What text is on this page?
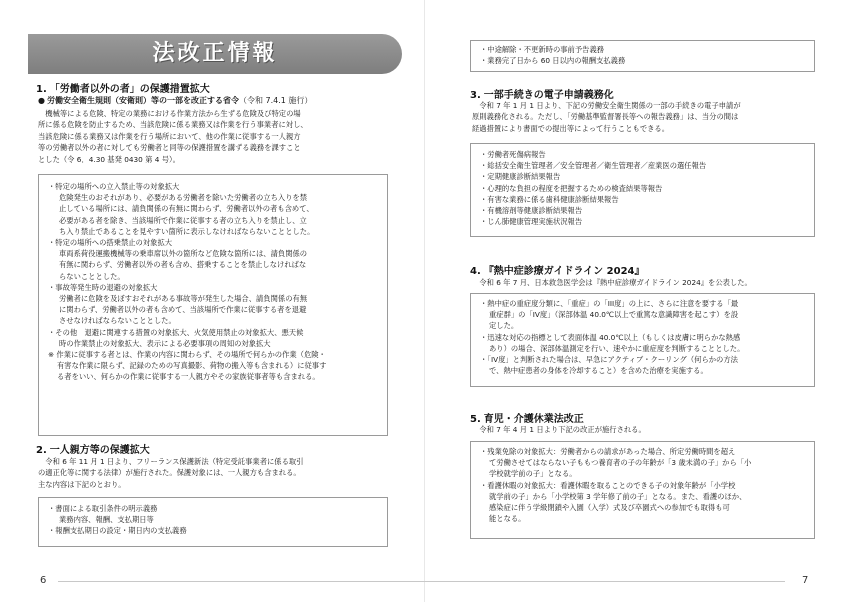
法改正情報
1. 「労働者以外の者」の保護措置拡大
● 労働安全衛生規則（安衛則）等の一部を改正する省令（令和 7.4.1 施行）
　機械等による危険、特定の業務における作業方法から生ずる危険及び特定の場
所に係る危険を防止するため、当該危険に係る業務又は作業を行う事業者に対し、
当該危険に係る業務又は作業を行う場所において、他の作業に従事する一人親方
等の労働者以外の者に対しても労働者と同等の保護措置を講ずる義務を課すこと
とした（令 6．4.30 基発 0430 第 4 号）。
・特定の場所への立入禁止等の対象拡大
危険発生のおそれがあり、必要がある労働者を除いた労働者の立ち入りを禁
止している場所には、請負関係の有無に関わらず、労働者以外の者も含めて、
必要がある者を除き、当該場所で作業に従事する者の立ち入りを禁止し、立
ち入り禁止であることを見やすい箇所に表示しなければならないこととした。
・特定の場所への搭乗禁止の対象拡大
車両系荷役運搬機械等の乗車席以外の箇所など危険な箇所には、請負関係の
有無に関わらず、労働者以外の者も含め、搭乗することを禁止しなければな
らないこととした。
・事故等発生時の退避の対象拡大
労働者に危険を及ぼすおそれがある事故等が発生した場合、請負関係の有無
に関わらず、労働者以外の者も含めて、当該場所で作業に従事する者を退避
させなければならないこととした。
・その他　退避に関連する措置の対象拡大、火気使用禁止の対象拡大、悪天候
時の作業禁止の対象拡大、表示による必要事項の周知の対象拡大
※ 作業に従事する者とは、作業の内容に関わらず、その場所で何らかの作業（危険・
有害な作業に限らず、記録のための写真撮影、荷物の搬入等も含まれる）に従事す
る者をいい、何らかの作業に従事する一人親方やその家族従事者等も含まれる。
2. 一人親方等の保護拡大
　令和 6 年 11 月 1 日より、フリーランス保護新法（特定受託事業者に係る取引
の適正化等に関する法律）が施行された。保護対象には、一人親方も含まれる。
主な内容は下記のとおり。
・書面による取引条件の明示義務
業務内容、報酬、支払期日等
・報酬支払期日の設定・期日内の支払義務
6
・中途解除・不更新時の事前予告義務
・業務完了日から 60 日以内の報酬支払義務
3. 一部手続きの電子申請義務化
　令和 7 年 1 月 1 日より、下記の労働安全衛生関係の一部の手続きの電子申請が
原則義務化される。ただし、「労働基準監督署長等への報告義務」は、当分の間は
経過措置により書面での提出等によって行うこともできる。
・労働者死傷病報告
・総括安全衛生管理者／安全管理者／衛生管理者／産業医の選任報告
・定期健康診断結果報告
・心理的な負担の程度を把握するための検査結果等報告
・有害な業務に係る歯科健康診断結果報告
・有機溶剤等健康診断結果報告
・じん肺健康管理実施状況報告
4. 『熱中症診療ガイドライン 2024』
　令和 6 年 7 月、日本救急医学会は『熱中症診療ガイドライン 2024』を公表した。
・熱中症の重症度分類に、「重症」の「III度」の上に、さらに注意を要する「最
重症群」の「IV度」（深部体温 40.0℃以上で重篤な意識障害を起こす）を設
定した。
・迅速な対応の指標として表面体温 40.0℃以上（もしくは皮膚に明らかな熱感
あり）の場合、深部体温測定を行い、速やかに重症度を判断することとした。
・「IV度」と判断された場合は、早急にアクティブ・クーリング（何らかの方法
で、熱中症患者の身体を冷却すること）を含めた治療を実施する。
5. 育児・介護休業法改正
　令和 7 年 4 月 1 日より下記の改正が施行される。
・残業免除の対象拡大：労働者からの請求があった場合、所定労働時間を超え
て労働させてはならない子ももつ養育者の子の年齢が「3 歳未満の子」から「小
学校就学前の子」となる。
・看護休暇の対象拡大：看護休暇を取ることのできる子の対象年齢が「小学校
就学前の子」から「小学校第 3 学年修了前の子」となる。また、看護のほか、
感染症に伴う学級閉鎖や入園（入学）式及び卒園式への参加でも取得も可
能となる。
7
